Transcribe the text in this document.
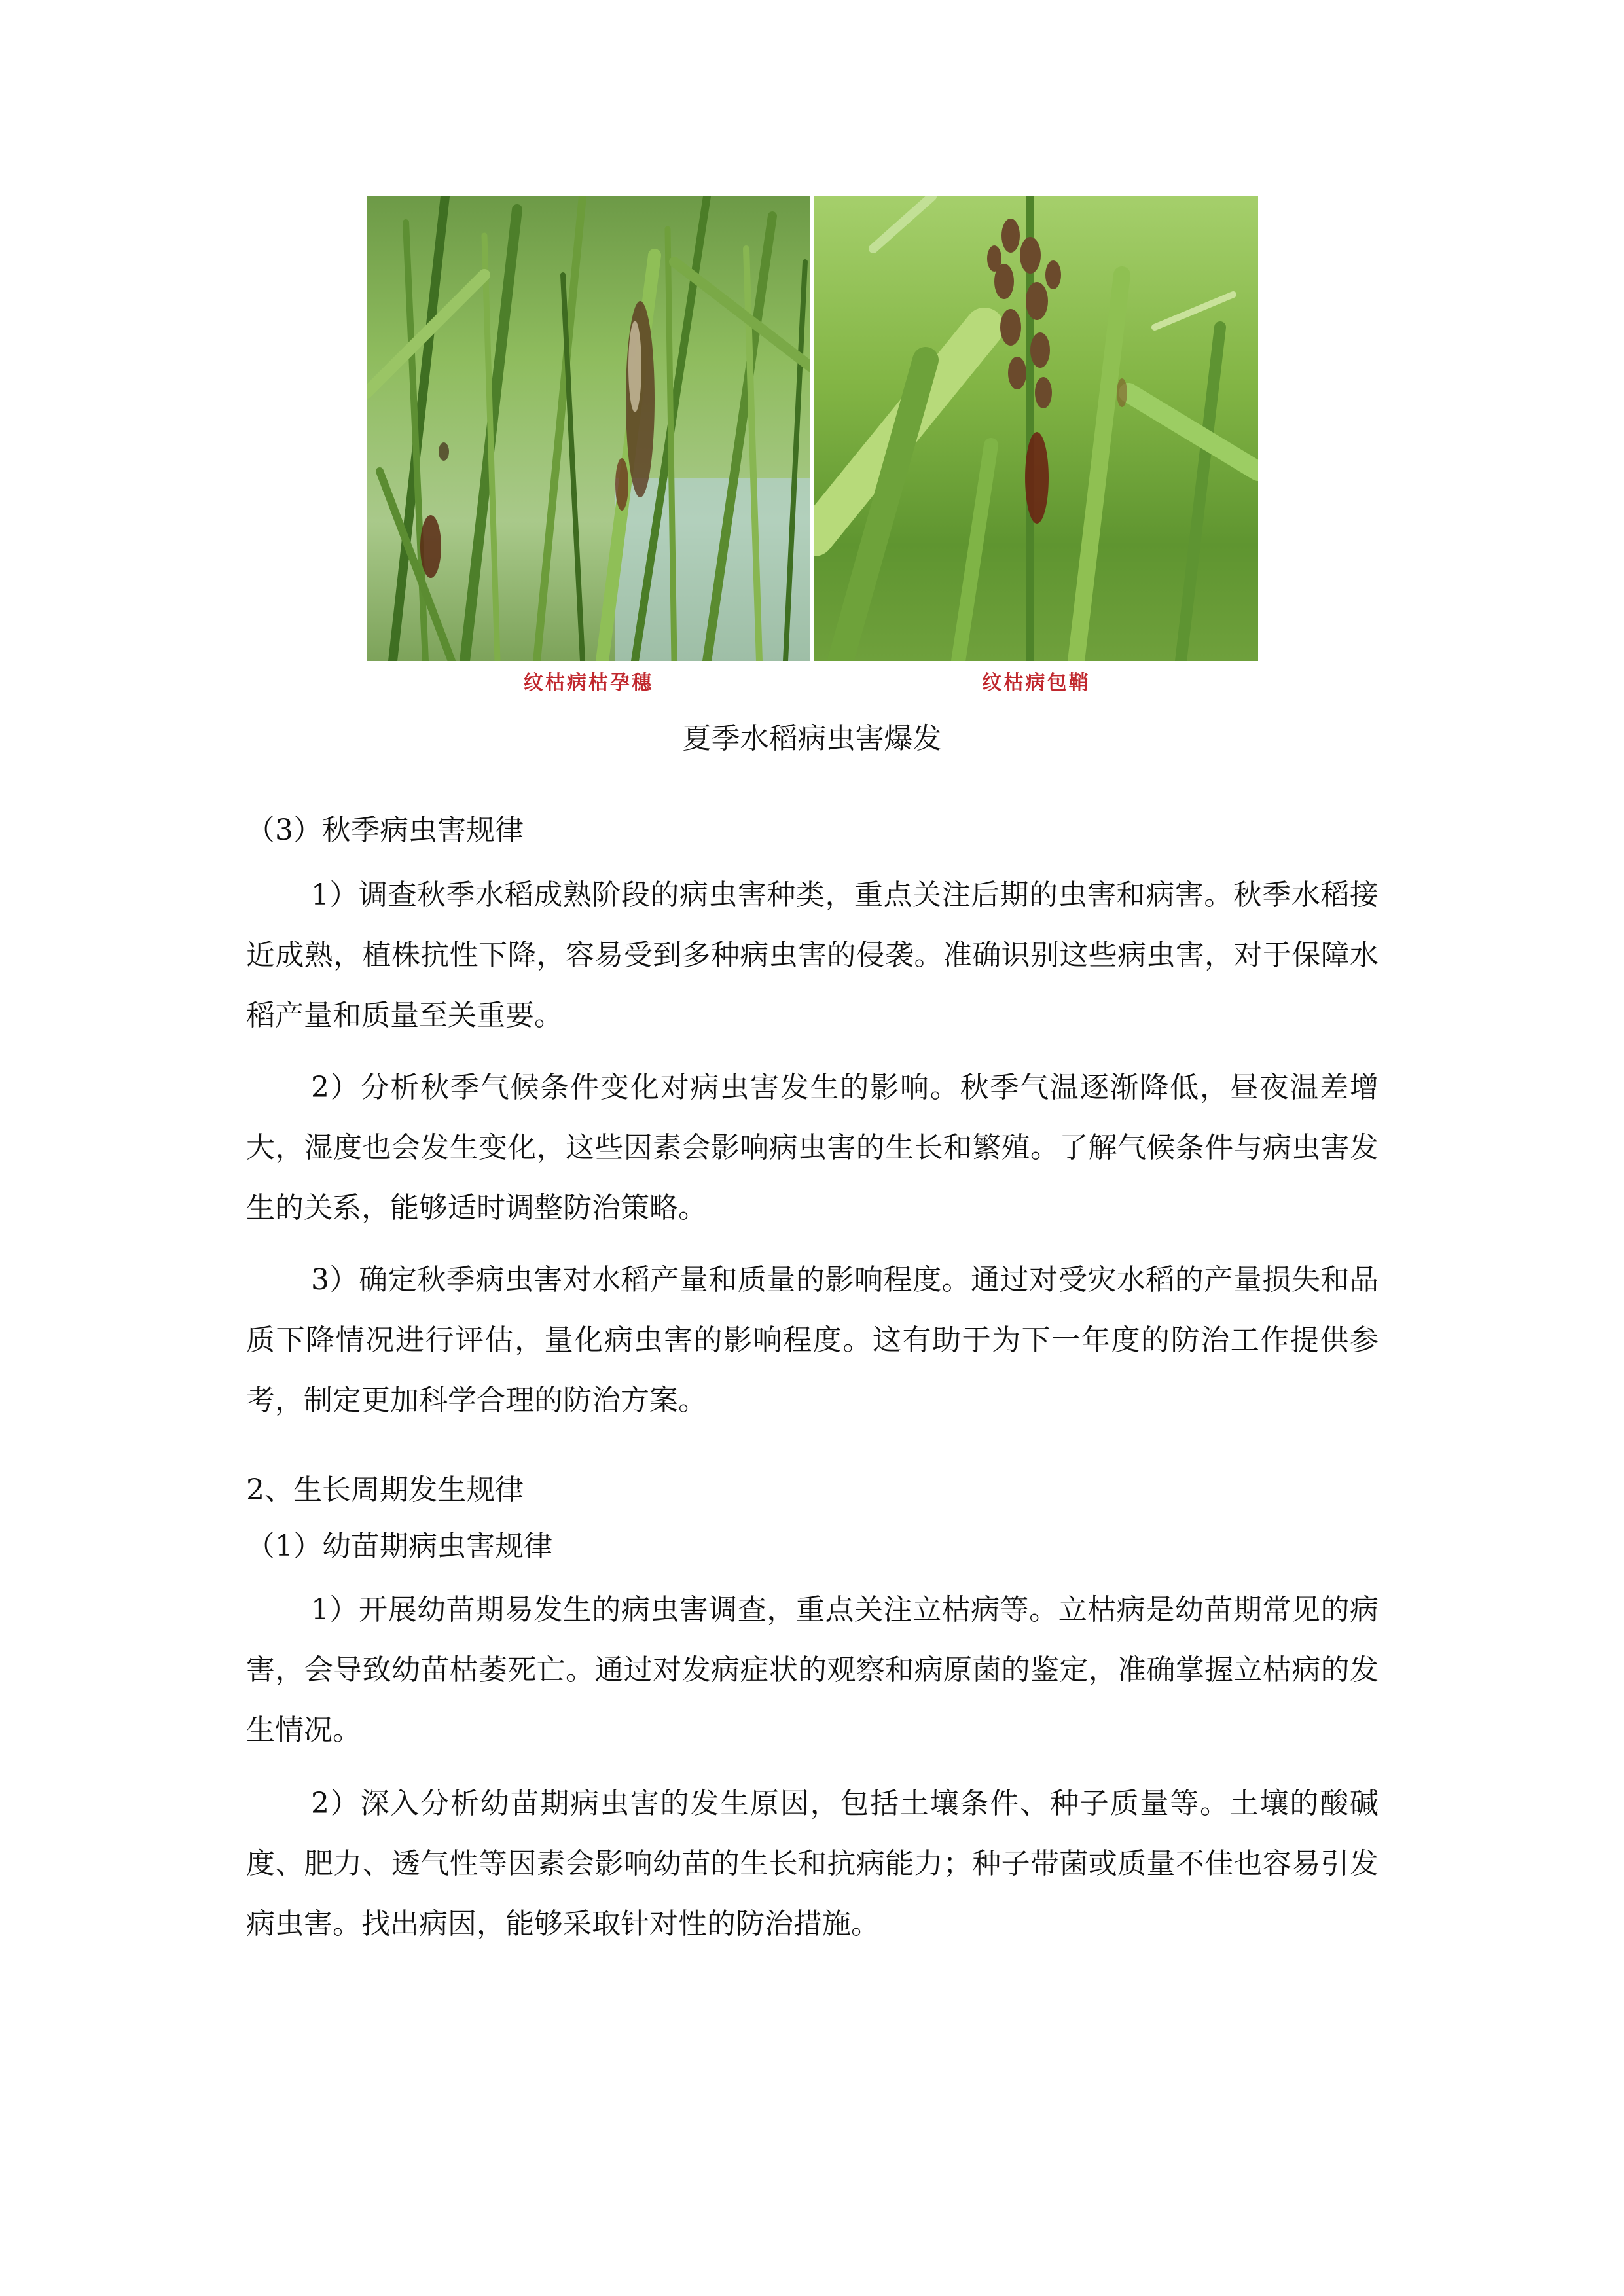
纹枯病枯孕穗	纹枯病包鞘
夏季水稻病虫害爆发
（3）秋季病虫害规律
1）调查秋季水稻成熟阶段的病虫害种类，重点关注后期的虫害和病害。秋季水稻接近成熟，植株抗性下降，容易受到多种病虫害的侵袭。准确识别这些病虫害，对于保障水稻产量和质量至关重要。
2）分析秋季气候条件变化对病虫害发生的影响。秋季气温逐渐降低，昼夜温差增大，湿度也会发生变化，这些因素会影响病虫害的生长和繁殖。了解气候条件与病虫害发生的关系，能够适时调整防治策略。
3）确定秋季病虫害对水稻产量和质量的影响程度。通过对受灾水稻的产量损失和品质下降情况进行评估，量化病虫害的影响程度。这有助于为下一年度的防治工作提供参考，制定更加科学合理的防治方案。
2、生长周期发生规律
（1）幼苗期病虫害规律
1）开展幼苗期易发生的病虫害调查，重点关注立枯病等。立枯病是幼苗期常见的病害，会导致幼苗枯萎死亡。通过对发病症状的观察和病原菌的鉴定，准确掌握立枯病的发生情况。
2）深入分析幼苗期病虫害的发生原因，包括土壤条件、种子质量等。土壤的酸碱度、肥力、透气性等因素会影响幼苗的生长和抗病能力；种子带菌或质量不佳也容易引发病虫害。找出病因，能够采取针对性的防治措施。
